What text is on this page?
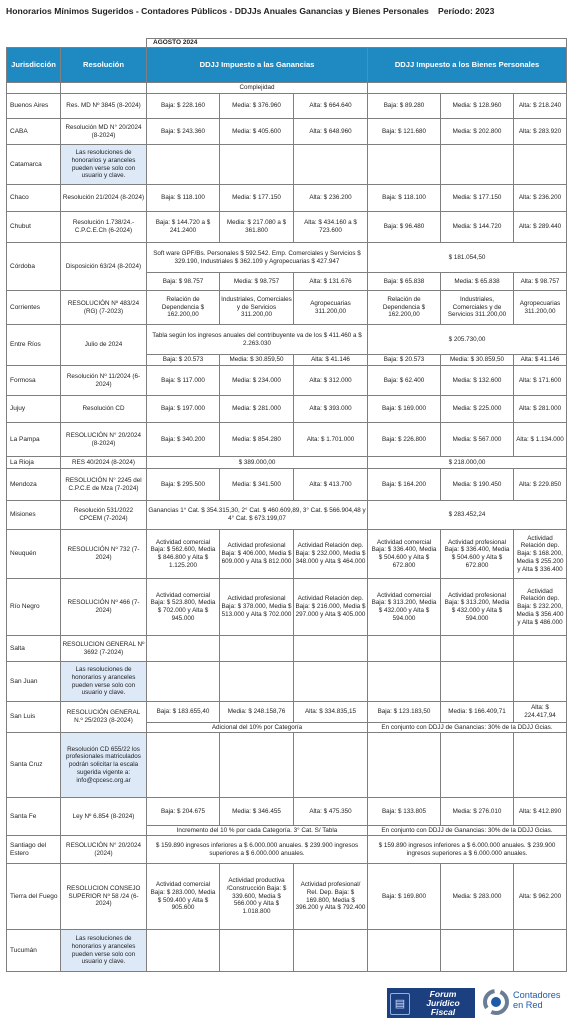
Honorarios Mínimos Sugeridos - Contadores Públicos - DDJJs Anuales Ganancias y Bienes Personales Período: 2023
		AGOSTO 2024					
Jurisdicción	Resolución	DDJJ Impuesto a las Ganancias			DDJJ Impuesto a los Bienes Personales		
		Complejidad					
Buenos Aires	Res. MD Nº 3845 (8-2024)	Baja: $ 228.160	Media: $ 376.960	Alta: $ 664.640	Baja: $ 89.280	Media: $ 128.960	Alta: $ 218.240
CABA	Resolución MD N° 20/2024 (8-2024)	Baja: $ 243.360	Media: $ 405.600	Alta: $ 648.960	Baja: $ 121.680	Media: $ 202.800	Alta: $ 283.920
Catamarca	Las resoluciones de honorarios y aranceles pueden verse solo con usuario y clave.						
Chaco	Resolución 21/2024 (8-2024)	Baja: $ 118.100	Media: $ 177.150	Alta: $ 236.200	Baja: $ 118.100	Media: $ 177.150	Alta: $ 236.200
Chubut	Resolución 1.738/24.- C.P.C.E.Ch (6-2024)	Baja: $ 144.720 a $ 241.2400	Media: $ 217.080 a $ 361.800	Alta: $ 434.160 a $ 723.600	Baja: $ 96.480	Media: $ 144.720	Alta: $ 289.440
Córdoba	Disposición 63/24 (8-2024)	Soft ware GPF/Bs. Personales $ 592.542. Emp. Comerciales y Servicios $ 329.190, Industriales $ 362.109 y Agropecuarias $ 427.947			$ 181.054,50		
		Baja: $ 98.757	Media: $ 98.757	Alta: $ 131.676	Baja: $ 65.838	Media: $ 65.838	Alta: $ 98.757
Corrientes	RESOLUCIÓN Nº 483/24 (RG) (7-2023)	Relación de Dependencia $ 162.200,00	Industriales, Comerciales y de Servicios 311.200,00	Agropecuarias 311.200,00	Relación de Dependencia $ 162.200,00	Industriales, Comerciales y de Servicios 311.200,00	Agropecuarias 311.200,00
Entre Ríos	Julio de 2024	Tabla según los ingresos anuales del contribuyente va de los $ 411.460 a $ 2.263.030			$ 205.730,00		
		Baja: $ 20.573	Media: $ 30.859,50	Alta: $ 41.146	Baja: $ 20.573	Media: $ 30.859,50	Alta: $ 41.146
Formosa	Resolución Nº 11/2024 (6-2024)	Baja: $ 117.000	Media: $ 234.000	Alta: $ 312.000	Baja: $ 62.400	Media: $ 132.600	Alta: $ 171.600
Jujuy	Resolución CD	Baja: $ 197.000	Media: $ 281.000	Alta: $ 393.000	Baja: $ 169.000	Media: $ 225.000	Alta: $ 281.000
La Pampa	RESOLUCIÓN N° 20/2024 (8-2024)	Baja: $ 340.200	Media: $ 854.280	Alta: $ 1.701.000	Baja: $ 226.800	Media: $ 567.000	Alta: $ 1.134.000
La Rioja	RES 40/2024 (8-2024)	$ 389.000,00			$ 218.000,00		
Mendoza	RESOLUCIÓN N° 2245 del C.P.C.E de Mza (7-2024)	Baja: $ 295.500	Media: $ 341.500	Alta: $ 413.700	Baja: $ 164.200	Media: $ 190.450	Alta: $ 229.850
Misiones	Resolución 531/2022 CPCEM (7-2024)	Ganancias 1° Cat. $ 354.315,30, 2° Cat. $ 460.609,89, 3° Cat. $ 566.904,48 y 4° Cat. $ 673.199,07			$ 283.452,24		
Neuquén	RESOLUCIÓN Nº 732 (7-2024)	Actividad comercial Baja: $ 562.600, Media $ 846.800 y Alta $ 1.125.200	Actividad profesional Baja: $ 406.000, Media $ 609.000 y Alta $ 812.000	Actividad Relación dep. Baja: $ 232.000, Media $ 348.000 y Alta $ 464.000	Actividad comercial Baja: $ 336.400, Media $ 504.600 y Alta $ 672.800	Actividad profesional Baja: $ 336.400, Media $ 504.600 y Alta $ 672.800	Actividad Relación dep. Baja: $ 168.200, Media $ 255.200 y Alta $ 336.400
Río Negro	RESOLUCIÓN Nº 466 (7-2024)	Actividad comercial Baja: $ 523.800, Media $ 702.000 y Alta $ 945.000	Actividad profesional Baja: $ 378.000, Media $ 513.000 y Alta $ 702.000	Actividad Relación dep. Baja: $ 216.000, Media $ 297.000 y Alta $ 405.000	Actividad comercial Baja: $ 313.200, Media $ 432.000 y Alta $ 594.000	Actividad profesional Baja: $ 313.200, Media $ 432.000 y Alta $ 594.000	Actividad Relación dep. Baja: $ 232.200, Media $ 356.400 y Alta $ 486.000
Salta	RESOLUCION GENERAL Nº 3692 (7-2024)						
San Juan	Las resoluciones de honorarios y aranceles pueden verse solo con usuario y clave.						
San Luis	RESOLUCIÓN GENERAL N.º 25/2023 (8-2024)	Baja: $ 183.655,40	Media: $ 248.158,76	Alta: $ 334.835,15	Baja: $ 123.183,50	Media: $ 166.409,71	Alta: $ 224.417,94
		Adicional del 10% por Categoría			En conjunto con DDJJ de Ganancias: 30% de la DDJJ Gcias.		
Santa Cruz	Resolución CD 655/22 los profesionales matriculados podrán solicitar la escala sugerida vigente a: info@cpcesc.org.ar						
Santa Fe	Ley Nº 6.854 (8-2024)	Baja: $ 204.675	Media: $ 346.455	Alta: $ 475.350	Baja: $ 133.805	Media: $ 276.010	Alta: $ 412.890
		Incremento del 10 % por cada Categoría. 3° Cat. S/ Tabla			En conjunto con DDJJ de Ganancias: 30% de la DDJJ Gcias.		
Santiago del Estero	RESOLUCIÓN N° 20/2024 (2024)	$ 159.890 ingresos inferiores a $ 6.000.000 anuales. $ 239.900 ingresos superiores a $ 6.000.000 anuales.			$ 159.890 ingresos inferiores a $ 6.000.000 anuales. $ 239.900 ingresos superiores a $ 6.000.000 anuales.		
Tierra del Fuego	RESOLUCION CONSEJO SUPERIOR Nº 58 /24 (6-2024)	Actividad comercial Baja: $ 283.000, Media $ 509.400 y Alta $ 905.600	Actividad productiva /Construcción Baja: $ 339.600, Media $ 566.000 y Alta $ 1.018.800	Actividad profesional/ Rel. Dep. Baja: $ 169.800, Media $ 396.200 y Alta $ 792.400	Baja: $ 169.800	Media: $ 283.000	Alta: $ 962.200
Tucumán	Las resoluciones de honorarios y aranceles pueden verse solo con usuario y clave.						
▤
Forum
Jurídico
Fiscal
Contadores
en Red
